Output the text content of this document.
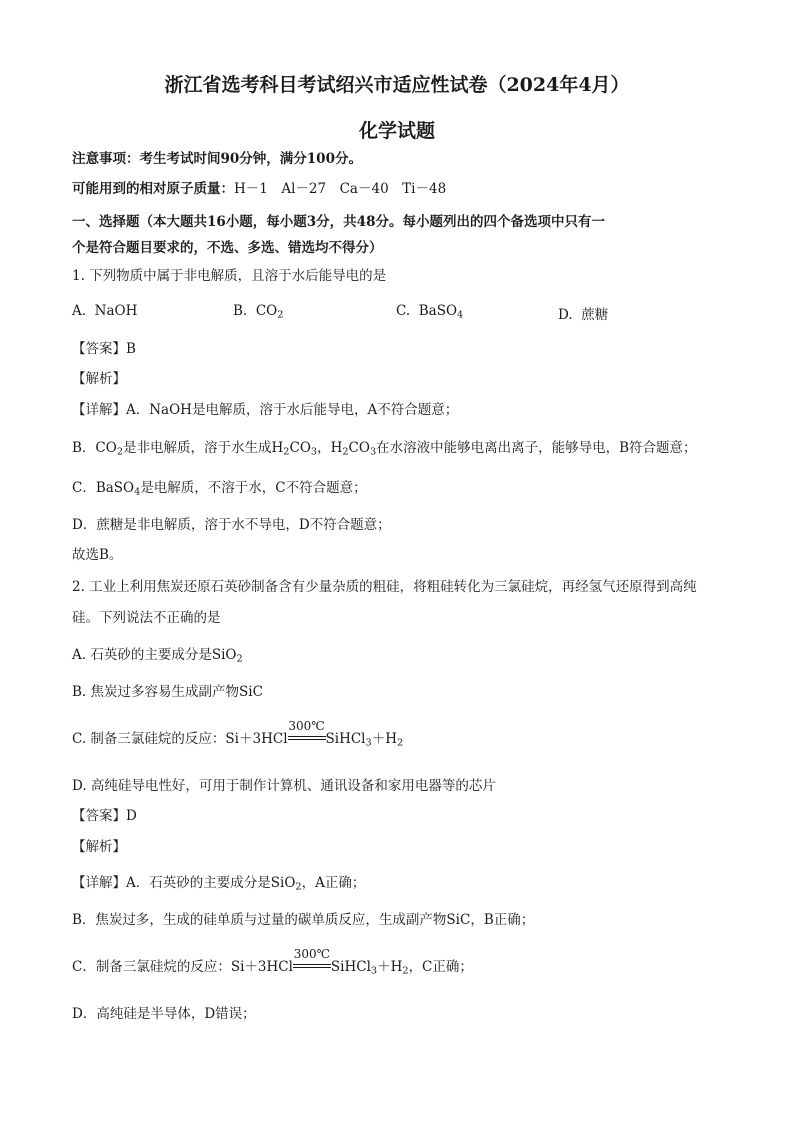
浙江省选考科目考试绍兴市适应性试卷（2024年4月）
化学试题
注意事项：考生考试时间90分钟，满分100分。
可能用到的相对原子质量：H－1　Al－27　Ca－40　Ti－48
一、选择题（本大题共16小题，每小题3分，共48分。每小题列出的四个备选项中只有一
个是符合题目要求的，不选、多选、错选均不得分）
1. 下列物质中属于非电解质，且溶于水后能导电的是
A. NaOH	B. $CO_2$	C. BaSO$_4$	D. 蔗糖
【答案】B
【解析】
【详解】A．NaOH是电解质，溶于水后能导电，A不符合题意；
B．$CO_2$是非电解质，溶于水生成$H_2CO_3$，$H_2CO_3$在水溶液中能够电离出离子，能够导电，B符合题意；
C．BaSO$_4$是电解质，不溶于水，C不符合题意；
D．蔗糖是非电解质，溶于水不导电，D不符合题意；
故选B。
2. 工业上利用焦炭还原石英砂制备含有少量杂质的粗硅，将粗硅转化为三氯硅烷，再经氢气还原得到高纯
硅。下列说法不正确的是
A. 石英砂的主要成分是SiO$_2$
B. 焦炭过多容易生成副产物SiC
C. 制备三氯硅烷的反应：Si＋3HCl
300℃
$SiHCl_3+H_2$
D. 高纯硅导电性好，可用于制作计算机、通讯设备和家用电器等的芯片
【答案】D
【解析】
【详解】A．石英砂的主要成分是SiO$_2$，A正确；
B．焦炭过多，生成的硅单质与过量的碳单质反应，生成副产物SiC，B正确；
C．制备三氯硅烷的反应：Si＋3HCl
300℃
$SiHCl_3+H_2$，C正确；
D．高纯硅是半导体，D错误；
